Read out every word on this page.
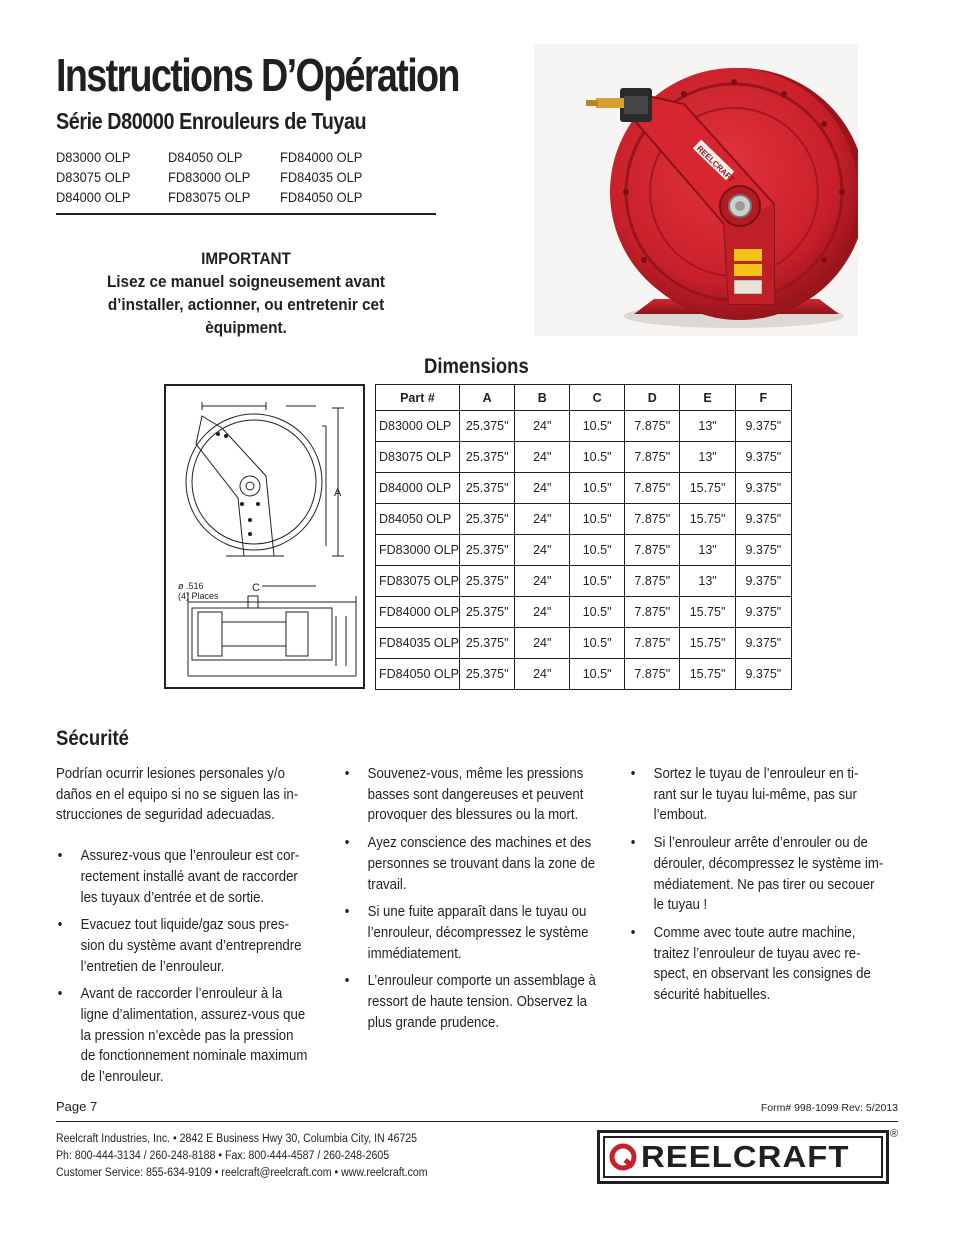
Instructions D’Opération
Série D80000 Enrouleurs de Tuyau
D83000 OLP	D84050 OLP	FD84000 OLP
D83075 OLP	FD83000 OLP	FD84035 OLP
D84000 OLP	FD83075 OLP	FD84050 OLP
IMPORTANT
Lisez ce manuel soigneusement avant
d’installer, actionner, ou entretenir cet
èquipment.
REELCRAFT
Dimensions
A
C
ø .516
(4) Places
Part #	A	B	C	D	E	F
D83000 OLP	25.375"	24"	10.5"	7.875"	13"	9.375"
D83075 OLP	25.375"	24"	10.5"	7.875"	13"	9.375"
D84000 OLP	25.375"	24"	10.5"	7.875"	15.75"	9.375"
D84050 OLP	25.375"	24"	10.5"	7.875"	15.75"	9.375"
FD83000 OLP	25.375"	24"	10.5"	7.875"	13"	9.375"
FD83075 OLP	25.375"	24"	10.5"	7.875"	13"	9.375"
FD84000 OLP	25.375"	24"	10.5"	7.875"	15.75"	9.375"
FD84035 OLP	25.375"	24"	10.5"	7.875"	15.75"	9.375"
FD84050 OLP	25.375"	24"	10.5"	7.875"	15.75"	9.375"
Sécurité

Podrían ocurrir lesiones personales y/o daños en el equipo si no se siguen las in- strucciones de seguridad adecuadas.

• Assurez-vous que l’enrouleur est cor- rectement installé avant de raccorder les tuyaux d’entrée et de sortie.
• Evacuez tout liquide/gaz sous pres- sion du système avant d’entreprendre l’entretien de l’enrouleur.
• Avant de raccorder l’enrouleur à la ligne d’alimentation, assurez-vous que la pression n’excède pas la pression de fonctionnement nominale maximum de l’enrouleur.
• Souvenez-vous, même les pressions basses sont dangereuses et peuvent provoquer des blessures ou la mort.
• Ayez conscience des machines et des personnes se trouvant dans la zone de travail.
• Si une fuite apparaît dans le tuyau ou l’enrouleur, décompressez le système immédiatement.
• L’enrouleur comporte un assemblage à ressort de haute tension. Observez la plus grande prudence.
• Sortez le tuyau de l’enrouleur en ti- rant sur le tuyau lui-même, pas sur l’embout.
• Si l’enrouleur arrête d’enrouler ou de dérouler, décompressez le système im- médiatement. Ne pas tirer ou secouer le tuyau !
• Comme avec toute autre machine, traitez l’enrouleur de tuyau avec re- spect, en observant les consignes de sécurité habituelles.
Page 7	Form# 998-1099 Rev: 5/2013
Reelcraft Industries, Inc. • 2842 E Business Hwy 30, Columbia City, IN 46725
Ph: 800-444-3134 / 260-248-8188 • Fax: 800-444-4587 / 260-248-2605
Customer Service: 855-634-9109 • reelcraft@reelcraft.com • www.reelcraft.com	REELCRAFT
®
